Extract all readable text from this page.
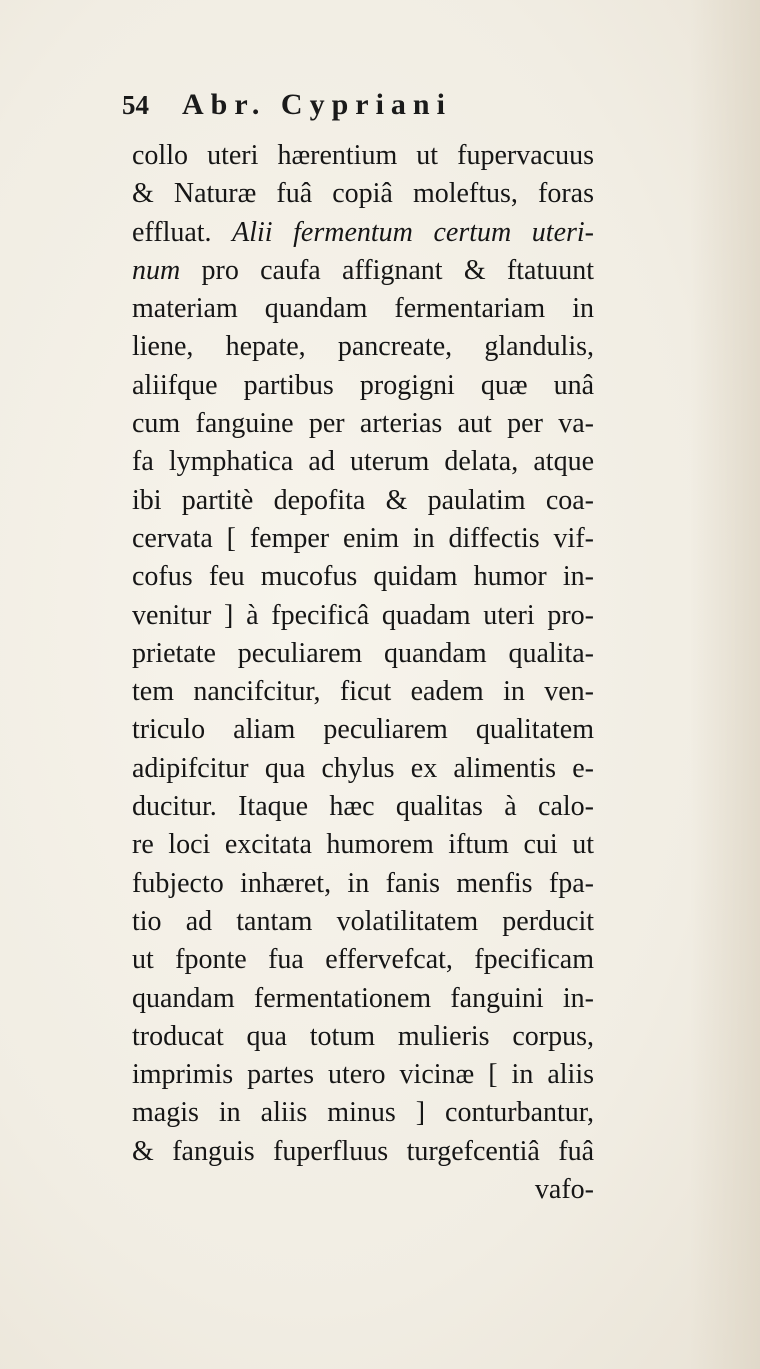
54 Abr. Cypriani
collo uteri hærentium ut fupervacuus
& Naturæ fuâ copiâ moleftus, foras
effluat. Alii fermentum certum uteri-
num pro caufa affignant & ftatuunt
materiam quandam fermentariam in
liene, hepate, pancreate, glandulis,
aliifque partibus progigni quæ unâ
cum fanguine per arterias aut per va-
fa lymphatica ad uterum delata, atque
ibi partitè depofita & paulatim coa-
cervata [ femper enim in diffectis vif-
cofus feu mucofus quidam humor in-
venitur ] à fpecificâ quadam uteri pro-
prietate peculiarem quandam qualita-
tem nancifcitur, ficut eadem in ven-
triculo aliam peculiarem qualitatem
adipifcitur qua chylus ex alimentis e-
ducitur. Itaque hæc qualitas à calo-
re loci excitata humorem iftum cui ut
fubjecto inhæret, in fanis menfis fpa-
tio ad tantam volatilitatem perducit
ut fponte fua effervefcat, fpecificam
quandam fermentationem fanguini in-
troducat qua totum mulieris corpus,
imprimis partes utero vicinæ [ in aliis
magis in aliis minus ] conturbantur,
& fanguis fuperfluus turgefcentiâ fuâ
vafo-
